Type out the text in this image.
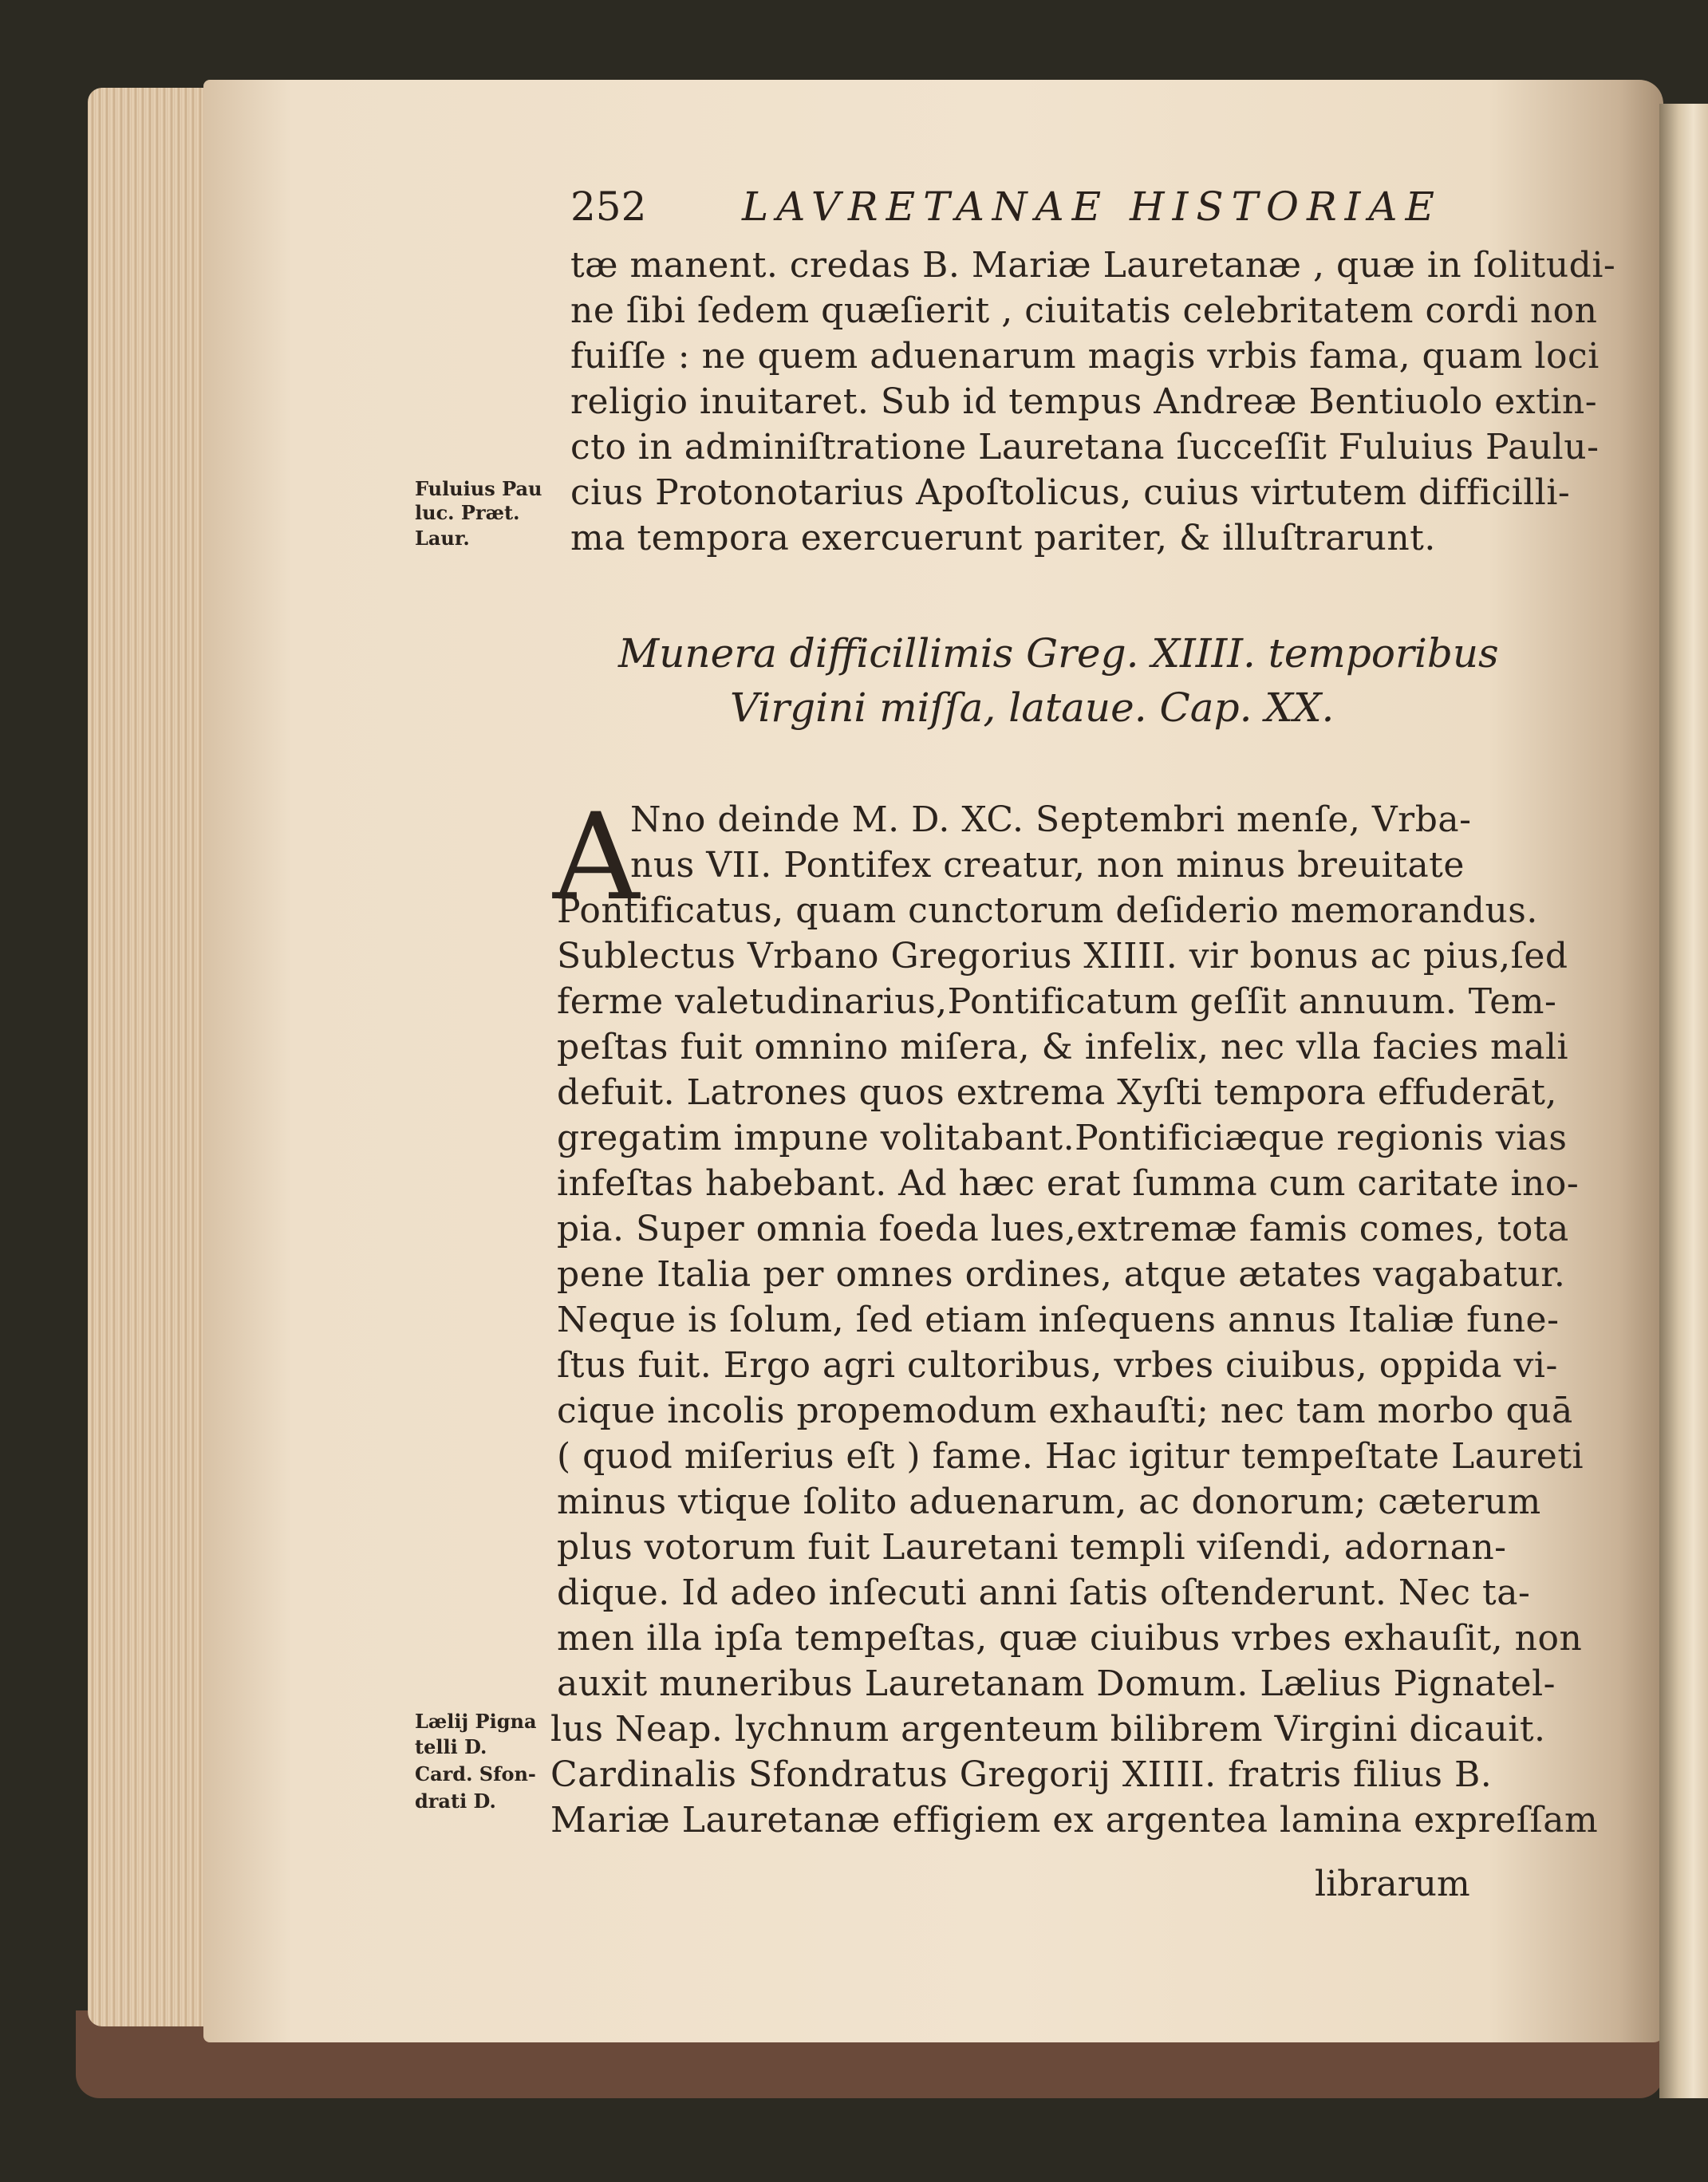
252 LAVRETANAE HISTORIAE
tæ manent. credas B. Mariæ Lauretanæ , quæ in ſolitudi-
ne ſibi ſedem quæſierit , ciuitatis celebritatem cordi non
fuiſſe : ne quem aduenarum magis vrbis fama, quam loci
religio inuitaret. Sub id tempus Andreæ Bentiuolo extin-
cto in adminiſtratione Lauretana ſucceſſit Fuluius Paulu-
cius Protonotarius Apoſtolicus, cuius virtutem difficilli-
ma tempora exercuerunt pariter, & illuſtrarunt.
Fuluius Pau
luc. Præt.
Laur.
Munera difficillimis Greg. XIIII. temporibus
Virgini miſſa, lataue. Cap. XX.
A
Nno deinde M. D. XC. Septembri menſe, Vrba-
nus VII. Pontifex creatur, non minus breuitate
Pontificatus, quam cunctorum deſiderio memorandus.
Sublectus Vrbano Gregorius XIIII. vir bonus ac pius,ſed
ferme valetudinarius,Pontificatum geſſit annuum. Tem-
peſtas fuit omnino miſera, & infelix, nec vlla facies mali
defuit. Latrones quos extrema Xyſti tempora effuderāt,
gregatim impune volitabant.Pontificiæque regionis vias
infeſtas habebant. Ad hæc erat ſumma cum caritate ino-
pia. Super omnia foeda lues,extremæ famis comes, tota
pene Italia per omnes ordines, atque ætates vagabatur.
Neque is ſolum, ſed etiam inſequens annus Italiæ fune-
ſtus fuit. Ergo agri cultoribus, vrbes ciuibus, oppida vi-
cique incolis propemodum exhauſti; nec tam morbo quā
( quod miſerius eſt ) fame. Hac igitur tempeſtate Laureti
minus vtique ſolito aduenarum, ac donorum; cæterum
plus votorum fuit Lauretani templi viſendi, adornan-
dique. Id adeo inſecuti anni ſatis oſtenderunt. Nec ta-
men illa ipſa tempeſtas, quæ ciuibus vrbes exhauſit, non
auxit muneribus Lauretanam Domum. Lælius Pignatel-
lus Neap. lychnum argenteum bilibrem Virgini dicauit.
Cardinalis Sfondratus Gregorij XIIII. fratris filius B.
Mariæ Lauretanæ effigiem ex argentea lamina expreſſam
Lælij Pigna
telli D.
Card. Sfon-
drati D.
librarum
